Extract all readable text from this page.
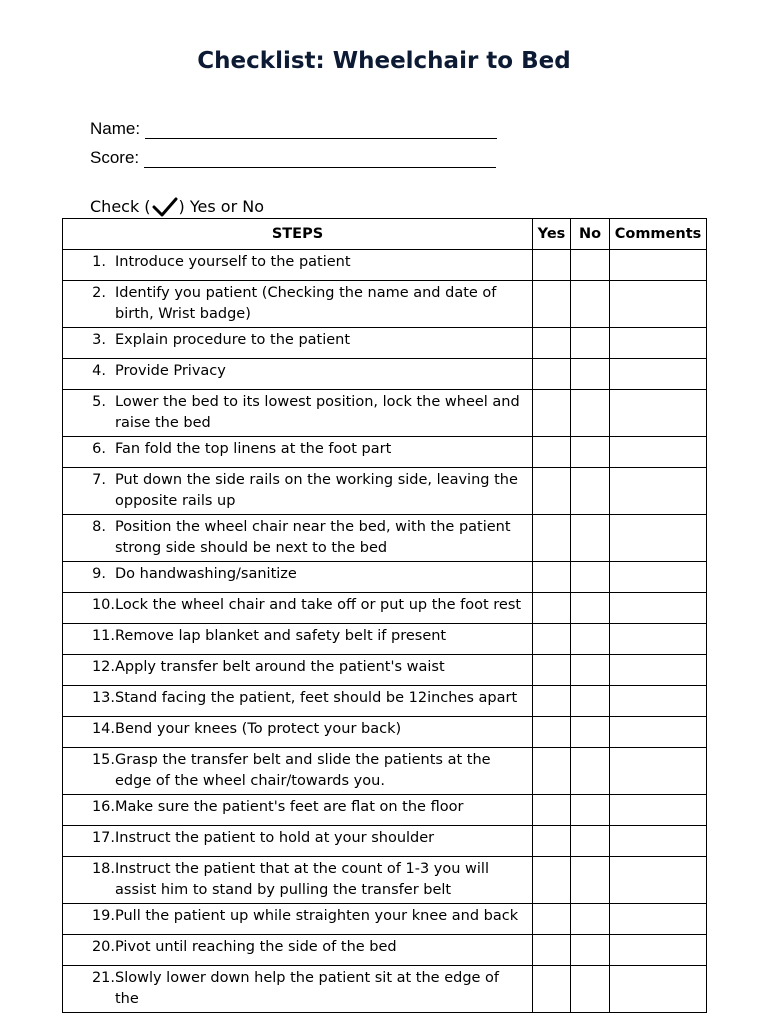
Checklist: Wheelchair to Bed
Name:
Score:
Check ( ) Yes or No
STEPS	Yes	No	Comments

1. Introduce yourself to the patient			

2. Identify you patient (Checking the name and date of birth, Wrist badge)			

3. Explain procedure to the patient			

4. Provide Privacy			

5. Lower the bed to its lowest position, lock the wheel and raise the bed			

6. Fan fold the top linens at the foot part			

7. Put down the side rails on the working side, leaving the opposite rails up			

8. Position the wheel chair near the bed, with the patient strong side should be next to the bed			

9. Do handwashing/sanitize			

10. Lock the wheel chair and take off or put up the foot rest			

11. Remove lap blanket and safety belt if present			

12. Apply transfer belt around the patient's waist			

13. Stand facing the patient, feet should be 12inches apart			

14. Bend your knees (To protect your back)			

15. Grasp the transfer belt and slide the patients at the edge of the wheel chair/towards you.			

16. Make sure the patient's feet are flat on the floor			

17. Instruct the patient to hold at your shoulder			

18. Instruct the patient that at the count of 1-3 you will assist him to stand by pulling the transfer belt			

19. Pull the patient up while straighten your knee and back			

20. Pivot until reaching the side of the bed			

21. Slowly lower down help the patient sit at the edge of the			
